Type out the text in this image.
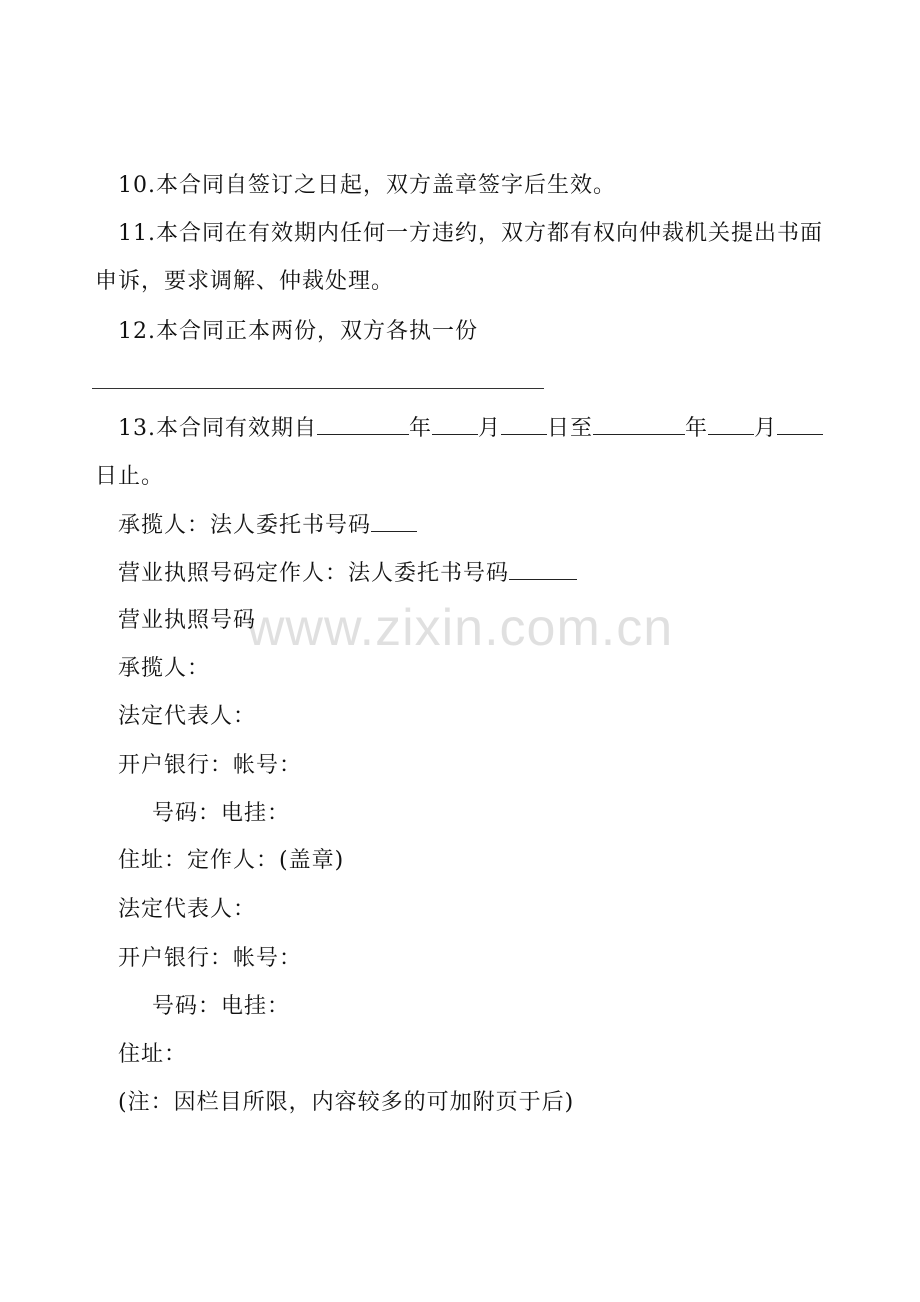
10.本合同自签订之日起，双方盖章签字后生效。
11.本合同在有效期内任何一方违约，双方都有权向仲裁机关提出书面
申诉，要求调解、仲裁处理。
12.本合同正本两份，双方各执一份
13.本合同有效期自	年 月 日至	年 月
日止。
承揽人：法人委托书号码
营业执照号码定作人：法人委托书号码
营业执照号码
承揽人：
法定代表人：
开户银行：帐号：
号码：电挂：
住址：定作人：(盖章)
法定代表人：
开户银行：帐号：
号码：电挂：
住址：
(注：因栏目所限，内容较多的可加附页于后)
www.zixin.com.cn
